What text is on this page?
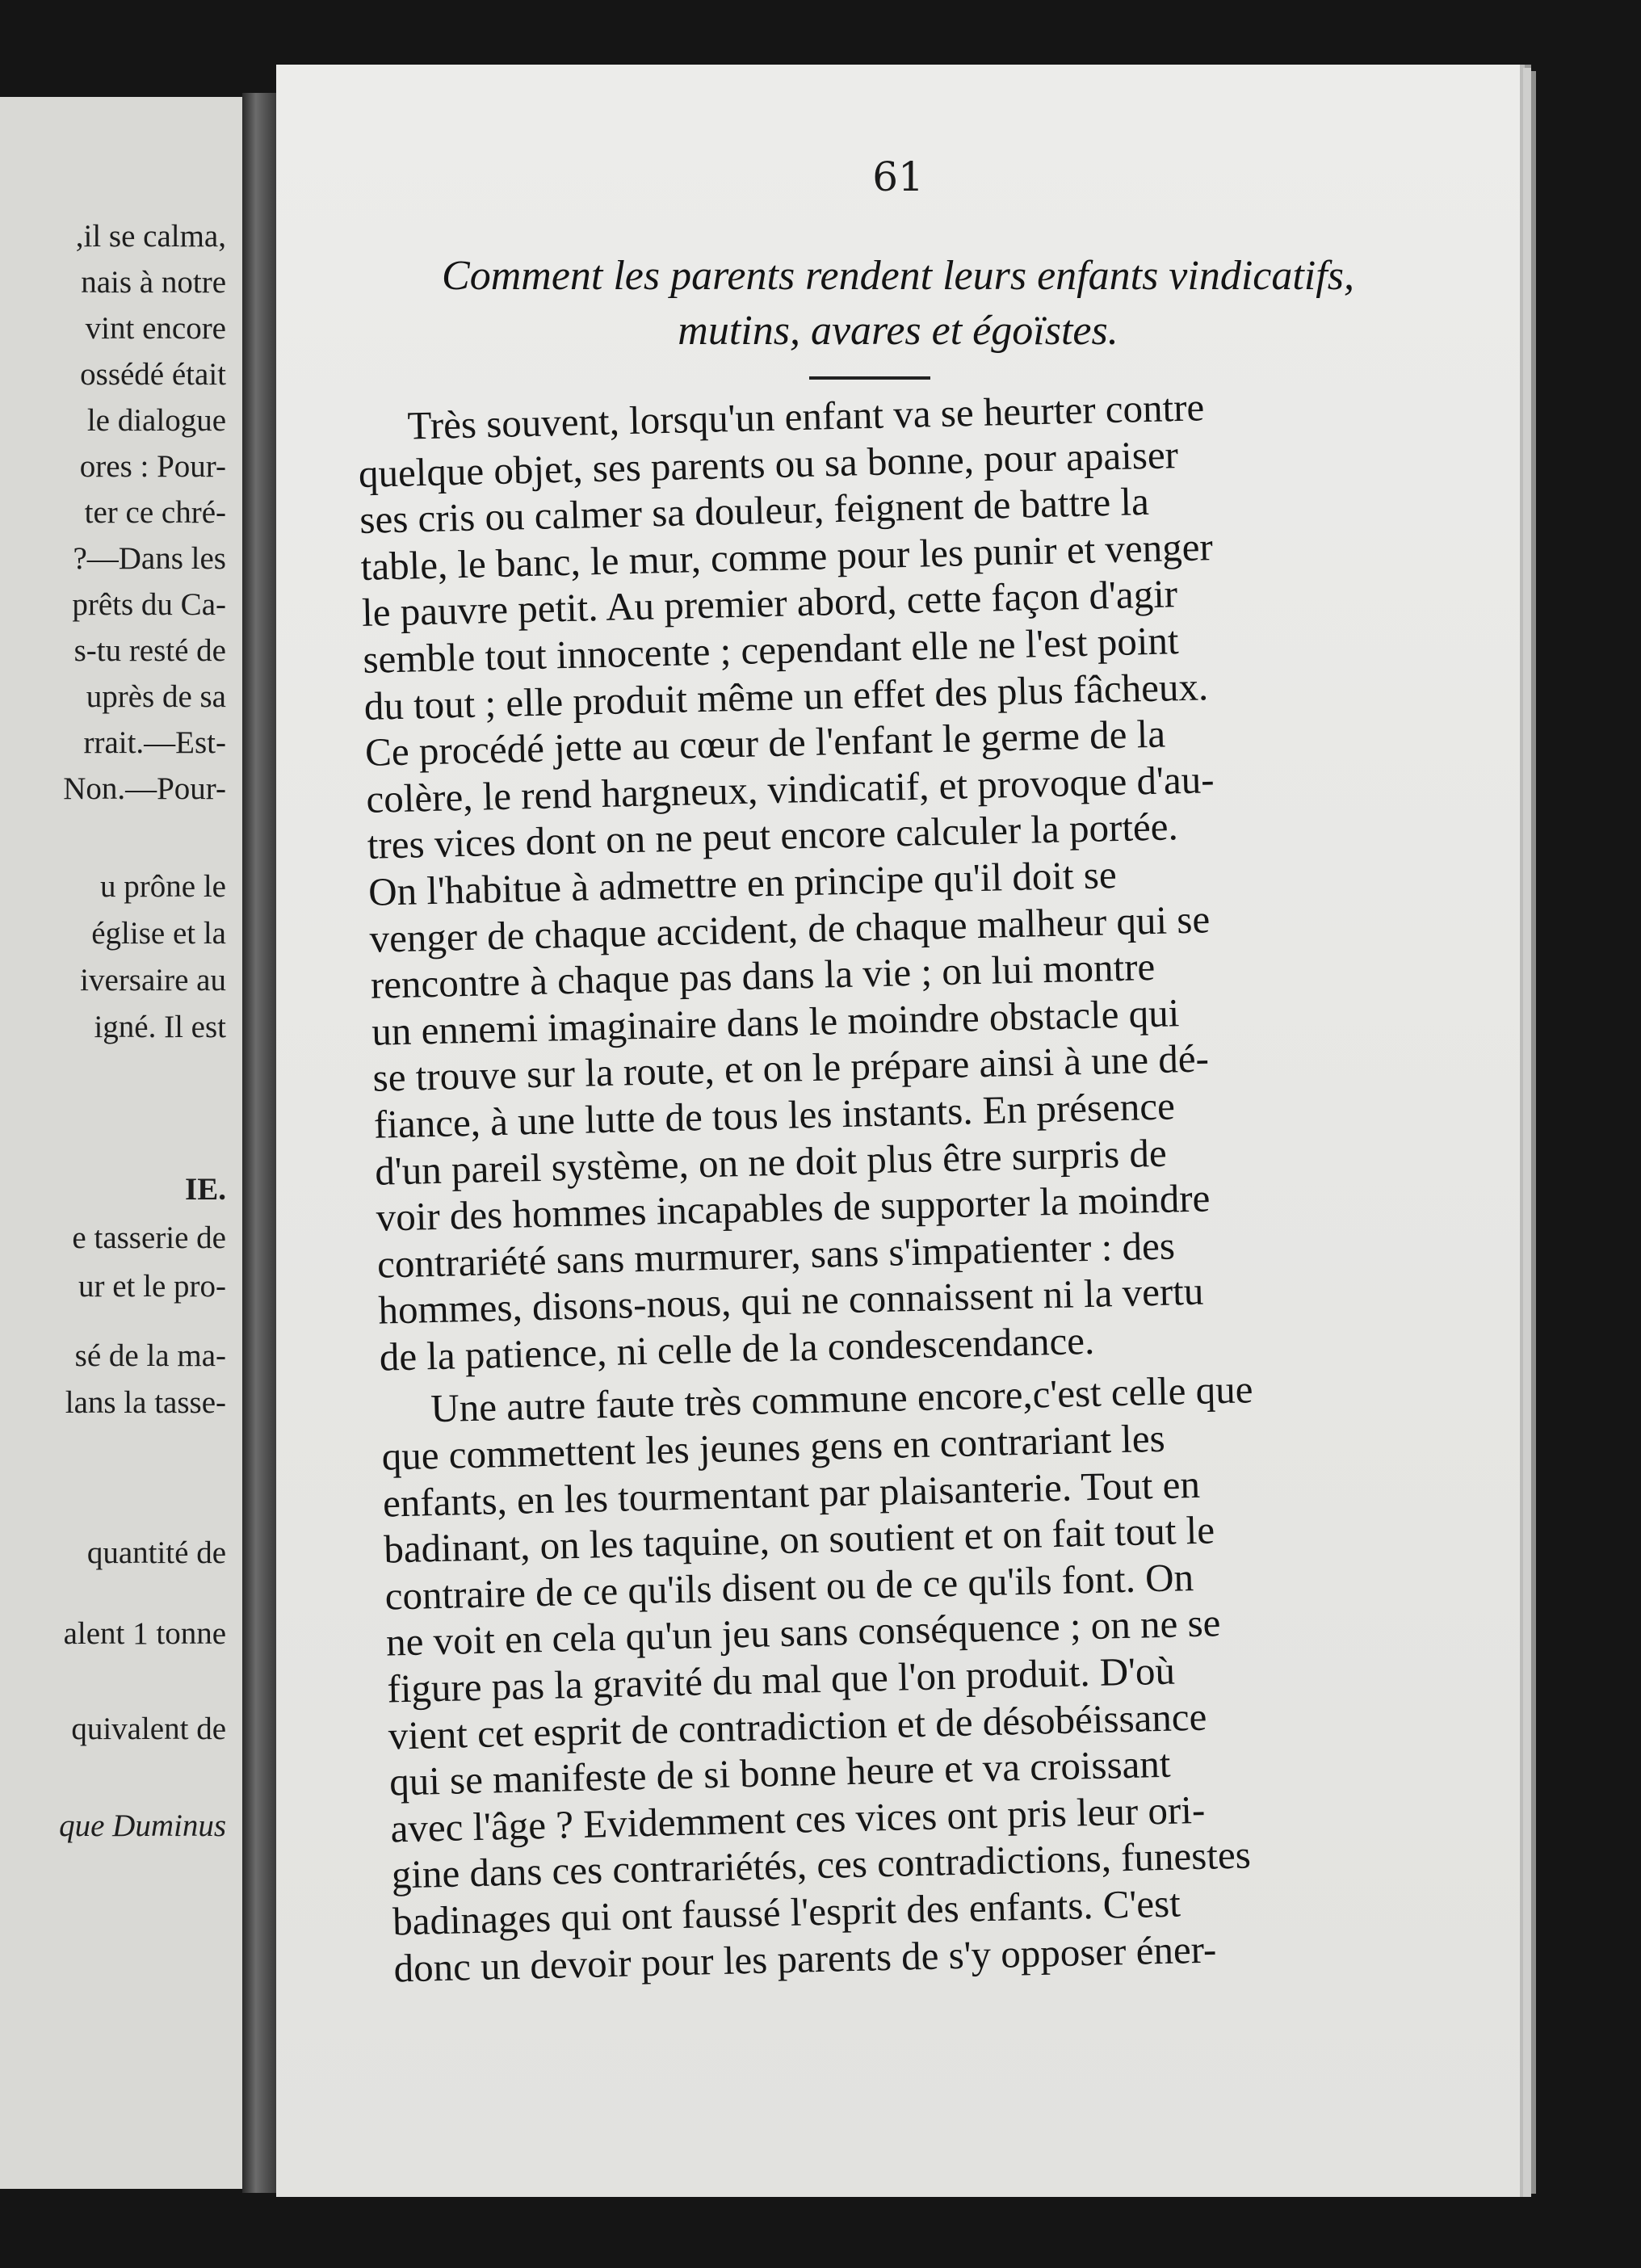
,il se calma,
nais à notre
vint encore
ossédé était
le dialogue
ores : Pour-
ter ce chré-
?—Dans les
prêts du Ca-
s-tu resté de
uprès de sa
rrait.—Est-
Non.—Pour-
u prône le
église et la
iversaire au
igné. Il est
IE.
e tasserie de
ur et le pro-
sé de la ma-
lans la tasse-
quantité de
alent 1 tonne
quivalent de
que Duminus
61
Comment les parents rendent leurs enfants vindicatifs,
mutins, avares et égoïstes.
Très souvent, lorsqu'un enfant va se heurter contre
quelque objet, ses parents ou sa bonne, pour apaiser
ses cris ou calmer sa douleur, feignent de battre la
table, le banc, le mur, comme pour les punir et venger
le pauvre petit. Au premier abord, cette façon d'agir
semble tout innocente ; cependant elle ne l'est point
du tout ; elle produit même un effet des plus fâcheux.
Ce procédé jette au cœur de l'enfant le germe de la
colère, le rend hargneux, vindicatif, et provoque d'au-
tres vices dont on ne peut encore calculer la portée.
On l'habitue à admettre en principe qu'il doit se
venger de chaque accident, de chaque malheur qui se
rencontre à chaque pas dans la vie ; on lui montre
un ennemi imaginaire dans le moindre obstacle qui
se trouve sur la route, et on le prépare ainsi à une dé-
fiance, à une lutte de tous les instants. En présence
d'un pareil système, on ne doit plus être surpris de
voir des hommes incapables de supporter la moindre
contrariété sans murmurer, sans s'impatienter : des
hommes, disons-nous, qui ne connaissent ni la vertu
de la patience, ni celle de la condescendance.
Une autre faute très commune encore,c'est celle que
que commettent les jeunes gens en contrariant les
enfants, en les tourmentant par plaisanterie. Tout en
badinant, on les taquine, on soutient et on fait tout le
contraire de ce qu'ils disent ou de ce qu'ils font. On
ne voit en cela qu'un jeu sans conséquence ; on ne se
figure pas la gravité du mal que l'on produit. D'où
vient cet esprit de contradiction et de désobéissance
qui se manifeste de si bonne heure et va croissant
avec l'âge ? Evidemment ces vices ont pris leur ori-
gine dans ces contrariétés, ces contradictions, funestes
badinages qui ont faussé l'esprit des enfants. C'est
donc un devoir pour les parents de s'y opposer éner-
